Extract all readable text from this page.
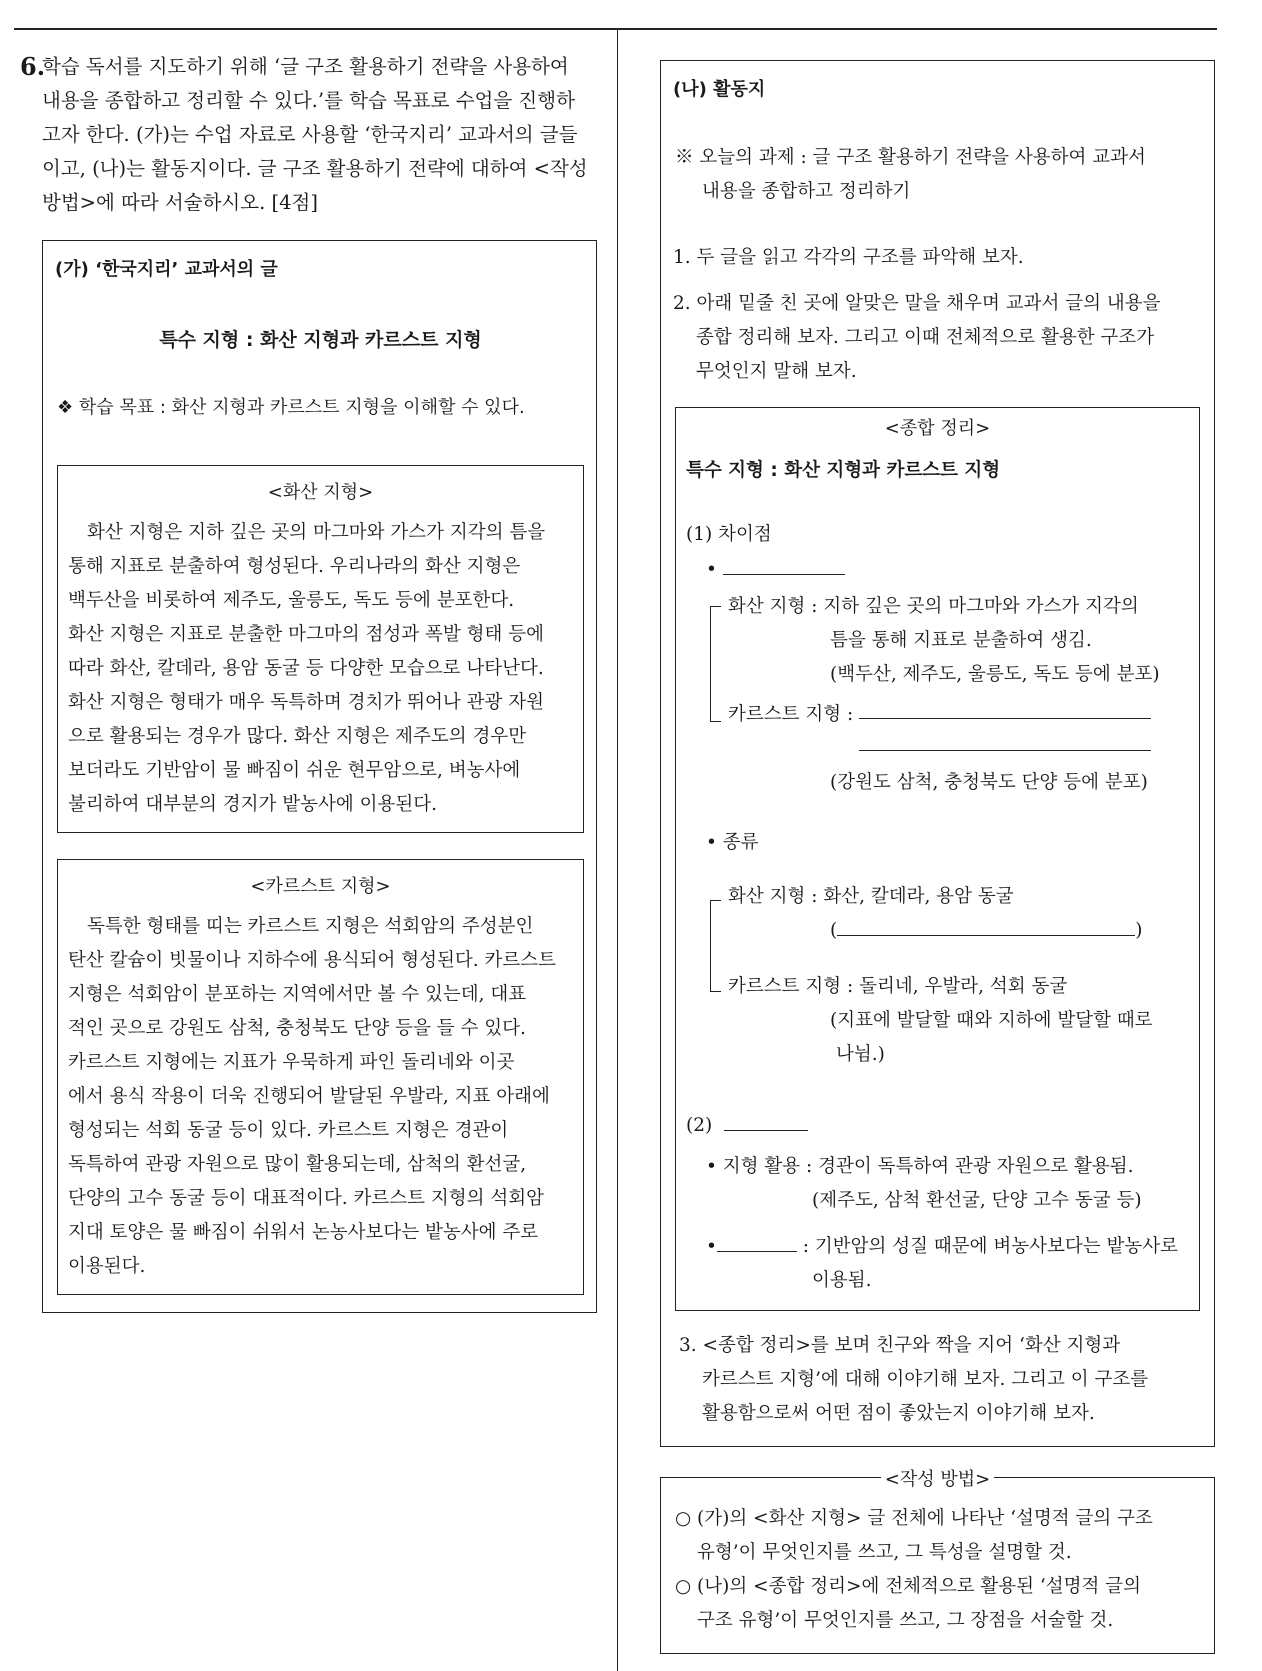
6.
학습 독서를 지도하기 위해 ‘글 구조 활용하기 전략을 사용하여
내용을 종합하고 정리할 수 있다.’를 학습 목표로 수업을 진행하
고자 한다. (가)는 수업 자료로 사용할 ‘한국지리’ 교과서의 글들
이고, (나)는 활동지이다. 글 구조 활용하기 전략에 대하여 <작성
방법>에 따라 서술하시오. [4점]
(가) ‘한국지리’ 교과서의 글
특수 지형 : 화산 지형과 카르스트 지형
❖ 학습 목표 : 화산 지형과 카르스트 지형을 이해할 수 있다.
<화산 지형>
화산 지형은 지하 깊은 곳의 마그마와 가스가 지각의 틈을
통해 지표로 분출하여 형성된다. 우리나라의 화산 지형은
백두산을 비롯하여 제주도, 울릉도, 독도 등에 분포한다.
화산 지형은 지표로 분출한 마그마의 점성과 폭발 형태 등에
따라 화산, 칼데라, 용암 동굴 등 다양한 모습으로 나타난다.
화산 지형은 형태가 매우 독특하며 경치가 뛰어나 관광 자원
으로 활용되는 경우가 많다. 화산 지형은 제주도의 경우만
보더라도 기반암이 물 빠짐이 쉬운 현무암으로, 벼농사에
불리하여 대부분의 경지가 밭농사에 이용된다.
<카르스트 지형>
독특한 형태를 띠는 카르스트 지형은 석회암의 주성분인
탄산 칼슘이 빗물이나 지하수에 용식되어 형성된다. 카르스트
지형은 석회암이 분포하는 지역에서만 볼 수 있는데, 대표
적인 곳으로 강원도 삼척, 충청북도 단양 등을 들 수 있다.
카르스트 지형에는 지표가 우묵하게 파인 돌리네와 이곳
에서 용식 작용이 더욱 진행되어 발달된 우발라, 지표 아래에
형성되는 석회 동굴 등이 있다. 카르스트 지형은 경관이
독특하여 관광 자원으로 많이 활용되는데, 삼척의 환선굴,
단양의 고수 동굴 등이 대표적이다. 카르스트 지형의 석회암
지대 토양은 물 빠짐이 쉬워서 논농사보다는 밭농사에 주로
이용된다.
(나) 활동지
※ 오늘의 과제 : 글 구조 활용하기 전략을 사용하여 교과서
내용을 종합하고 정리하기
1. 두 글을 읽고 각각의 구조를 파악해 보자.
2. 아래 밑줄 친 곳에 알맞은 말을 채우며 교과서 글의 내용을
종합 정리해 보자. 그리고 이때 전체적으로 활용한 구조가
무엇인지 말해 보자.
<종합 정리>
특수 지형 : 화산 지형과 카르스트 지형
(1) 차이점
•
화산 지형 : 지하 깊은 곳의 마그마와 가스가 지각의
틈을 통해 지표로 분출하여 생김.
(백두산, 제주도, 울릉도, 독도 등에 분포)
카르스트 지형 :
(강원도 삼척, 충청북도 단양 등에 분포)
• 종류
화산 지형 : 화산, 칼데라, 용암 동굴
(	)
카르스트 지형 : 돌리네, 우발라, 석회 동굴
(지표에 발달할 때와 지하에 발달할 때로
나뉨.)
(2)
• 지형 활용 : 경관이 독특하여 관광 자원으로 활용됨.
(제주도, 삼척 환선굴, 단양 고수 동굴 등)
•	: 기반암의 성질 때문에 벼농사보다는 밭농사로
이용됨.
3. <종합 정리>를 보며 친구와 짝을 지어 ‘화산 지형과
카르스트 지형’에 대해 이야기해 보자. 그리고 이 구조를
활용함으로써 어떤 점이 좋았는지 이야기해 보자.
<작성 방법>
○ (가)의 <화산 지형> 글 전체에 나타난 ‘설명적 글의 구조
유형’이 무엇인지를 쓰고, 그 특성을 설명할 것.
○ (나)의 <종합 정리>에 전체적으로 활용된 ‘설명적 글의
구조 유형’이 무엇인지를 쓰고, 그 장점을 서술할 것.
